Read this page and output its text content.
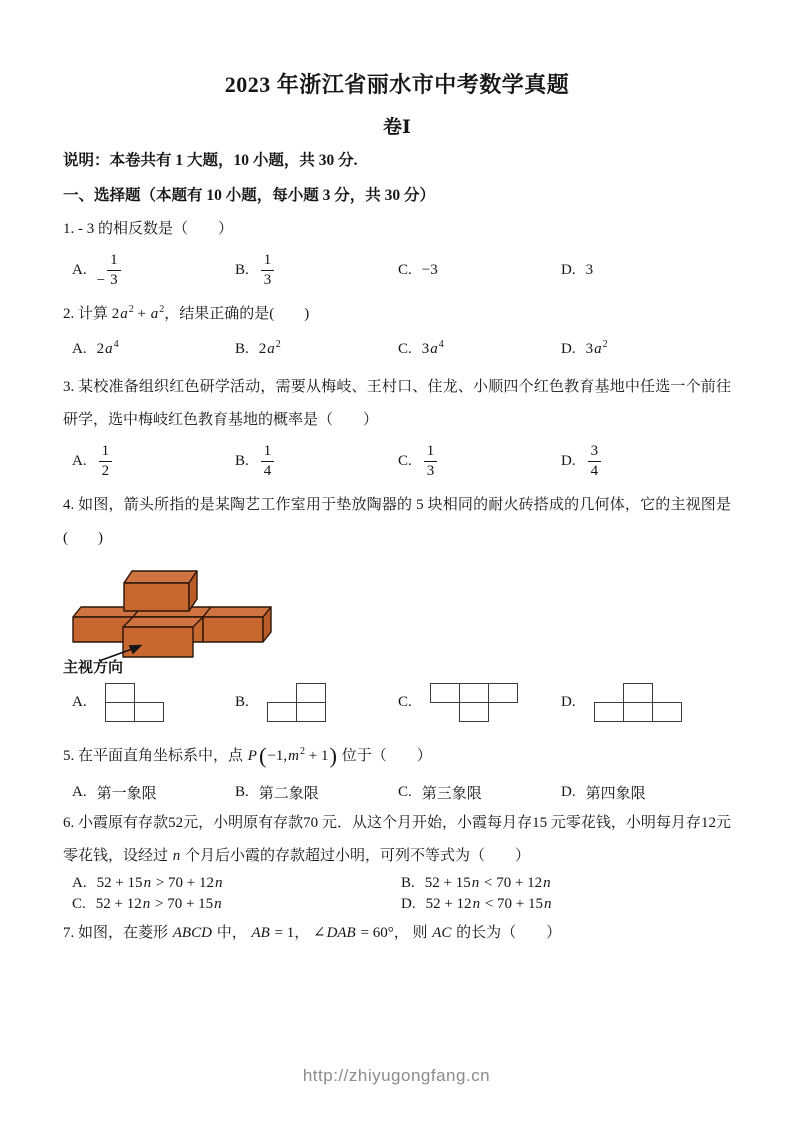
2023 年浙江省丽水市中考数学真题
卷Ⅰ
说明：本卷共有 1 大题，10 小题，共 30 分.
一、选择题（本题有 10 小题，每小题 3 分，共 30 分）

1. - 3 的相反数是（　　）

A.
− $\frac{1}{3}$	B. $\frac{1}{3}$	C. −3	D. 3

2. 计算 $2a^2 + a^2$，结果正确的是(　　)

A. $2a^4$	B. $2a^2$	C. $3a^4$	D. $3a^2$

3. 某校准备组织红色研学活动，需要从梅岐、王村口、住龙、小顺四个红色教育基地中任选一个前往研学，选中梅岐红色教育基地的概率是（　　）

A. $\frac{1}{2}$	B. $\frac{1}{4}$	C. $\frac{1}{3}$	D. $\frac{3}{4}$

4. 如图，箭头所指的是某陶艺工作室用于垫放陶器的 5 块相同的耐火砖搭成的几何体，它的主视图是(　　)

主视方向
A.	B.	C.	D.

5. 在平面直角坐标系中，点 $P(-1,m^2 + 1)$ 位于（　　）

A. 第一象限	B. 第二象限	C. 第三象限	D. 第四象限

6. 小霞原有存款52元，小明原有存款70 元．从这个月开始，小霞每月存15 元零花钱，小明每月存12元零花钱，设经过 n 个月后小霞的存款超过小明，可列不等式为（　　）

A. 52 + 15n > 70 + 12n	B. 52 + 15n < 70 + 12n
C. 52 + 12n > 70 + 15n	D. 52 + 12n < 70 + 15n

7. 如图，在菱形 ABCD 中， AB = 1， ∠DAB = 60°， 则 AC 的长为（　　）

http://zhiyugongfang.cn
